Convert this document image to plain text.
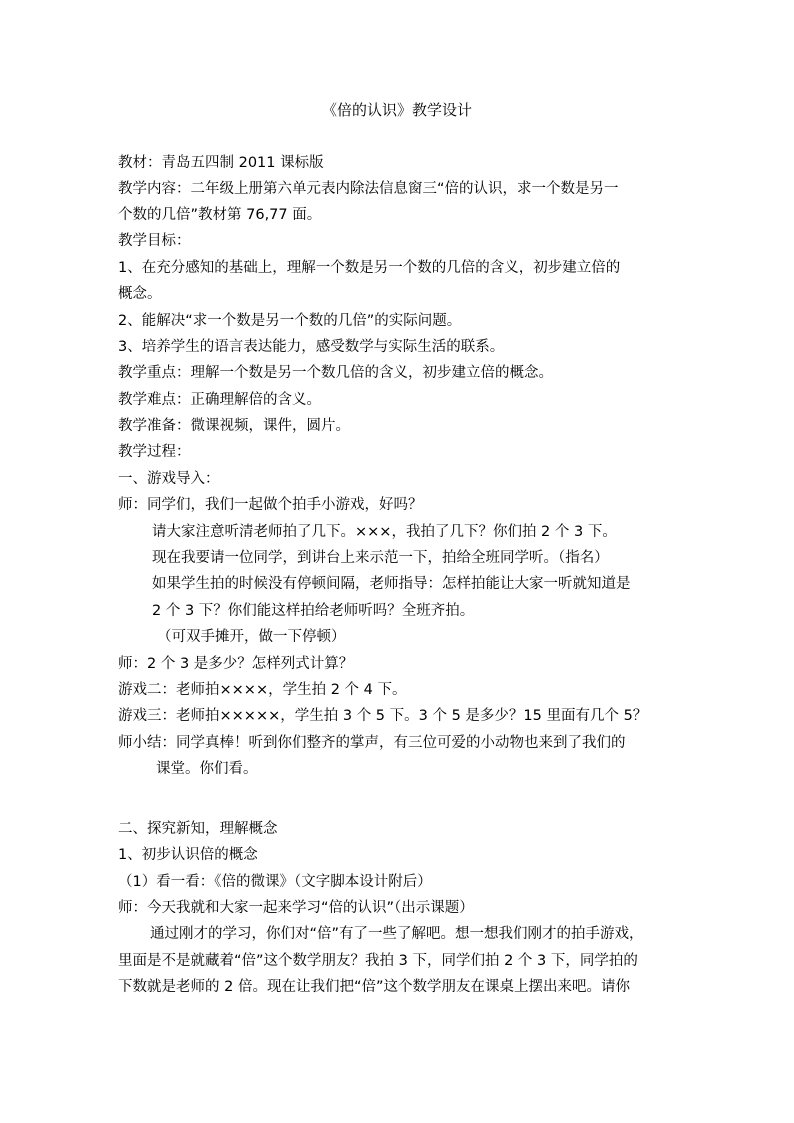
《倍的认识》教学设计
教材：青岛五四制 2011 课标版
教学内容：二年级上册第六单元表内除法信息窗三“倍的认识，求一个数是另一
个数的几倍”教材第 76,77 面。
教学目标：
1、在充分感知的基础上，理解一个数是另一个数的几倍的含义，初步建立倍的
概念。
2、能解决“求一个数是另一个数的几倍”的实际问题。
3、培养学生的语言表达能力，感受数学与实际生活的联系。
教学重点：理解一个数是另一个数几倍的含义，初步建立倍的概念。
教学难点：正确理解倍的含义。
教学准备：微课视频，课件，圆片。
教学过程：
一、游戏导入：
师：同学们，我们一起做个拍手小游戏，好吗？
请大家注意听清老师拍了几下。×××，我拍了几下？你们拍 2 个 3 下。
现在我要请一位同学，到讲台上来示范一下，拍给全班同学听。（指名）
如果学生拍的时候没有停顿间隔，老师指导：怎样拍能让大家一听就知道是
2 个 3 下？你们能这样拍给老师听吗？全班齐拍。
（可双手摊开，做一下停顿）
师：2 个 3 是多少？怎样列式计算？
游戏二：老师拍××××，学生拍 2 个 4 下。
游戏三：老师拍×××××，学生拍 3 个 5 下。3 个 5 是多少？15 里面有几个 5？
师小结：同学真棒！听到你们整齐的掌声，有三位可爱的小动物也来到了我们的
课堂。你们看。
二、探究新知，理解概念
1、初步认识倍的概念
（1）看一看：《倍的微课》（文字脚本设计附后）
师：今天我就和大家一起来学习“倍的认识”（出示课题）
通过刚才的学习，你们对“倍”有了一些了解吧。想一想我们刚才的拍手游戏，
里面是不是就藏着“倍”这个数学朋友？我拍 3 下，同学们拍 2 个 3 下，同学拍的
下数就是老师的 2 倍。现在让我们把“倍”这个数学朋友在课桌上摆出来吧。请你
